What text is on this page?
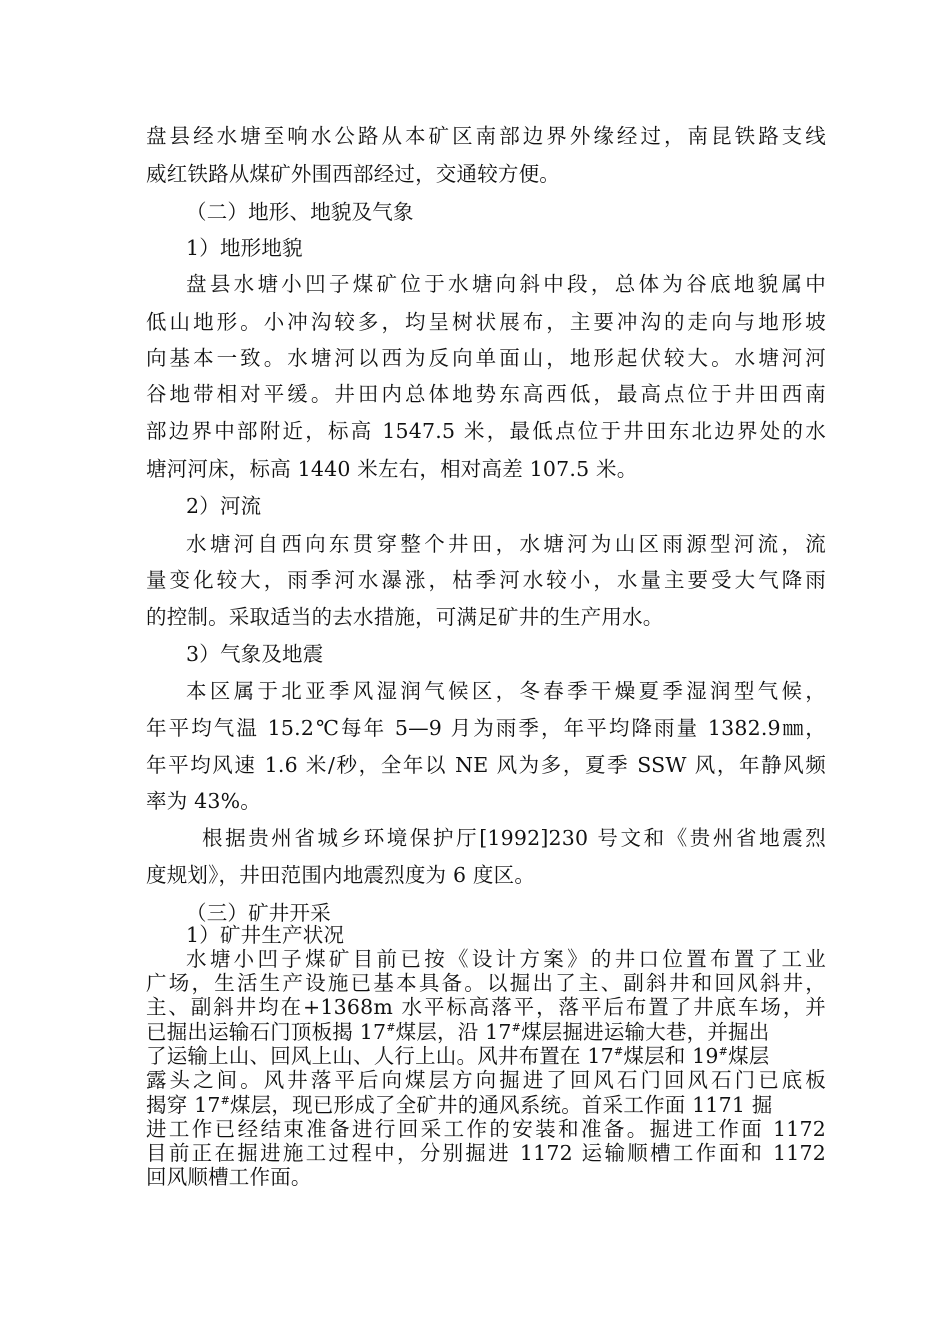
盘县经水塘至响水公路从本矿区南部边界外缘经过，南昆铁路支线
威红铁路从煤矿外围西部经过，交通较方便。
（二）地形、地貌及气象
1）地形地貌
盘县水塘小凹子煤矿位于水塘向斜中段，总体为谷底地貌属中
低山地形。小冲沟较多，均呈树状展布，主要冲沟的走向与地形坡
向基本一致。水塘河以西为反向单面山，地形起伏较大。水塘河河
谷地带相对平缓。井田内总体地势东高西低，最高点位于井田西南
部边界中部附近，标高 1547.5 米，最低点位于井田东北边界处的水
塘河河床，标高 1440 米左右，相对高差 107.5 米。
2）河流
水塘河自西向东贯穿整个井田，水塘河为山区雨源型河流，流
量变化较大，雨季河水瀑涨，枯季河水较小，水量主要受大气降雨
的控制。采取适当的去水措施，可满足矿井的生产用水。
3）气象及地震
本区属于北亚季风湿润气候区，冬春季干燥夏季湿润型气候，
年平均气温 15.2℃每年 5—9 月为雨季，年平均降雨量 1382.9㎜，
年平均风速 1.6 米/秒，全年以 NE 风为多，夏季 SSW 风，年静风频
率为 43%。
根据贵州省城乡环境保护厅[1992]230 号文和《贵州省地震烈
度规划》，井田范围内地震烈度为 6 度区。
（三）矿井开采
1）矿井生产状况
水塘小凹子煤矿目前已按《设计方案》的井口位置布置了工业
广场，生活生产设施已基本具备。以掘出了主、副斜井和回风斜井，
主、副斜井均在+1368m 水平标高落平，落平后布置了井底车场，并
已掘出运输石门顶板揭 17#煤层，沿 17#煤层掘进运输大巷，并掘出
了运输上山、回风上山、人行上山。风井布置在 17#煤层和 19#煤层
露头之间。风井落平后向煤层方向掘进了回风石门回风石门已底板
揭穿 17#煤层，现已形成了全矿井的通风系统。首采工作面 1171 掘
进工作已经结束准备进行回采工作的安装和准备。掘进工作面 1172
目前正在掘进施工过程中，分别掘进 1172 运输顺槽工作面和 1172
回风顺槽工作面。
